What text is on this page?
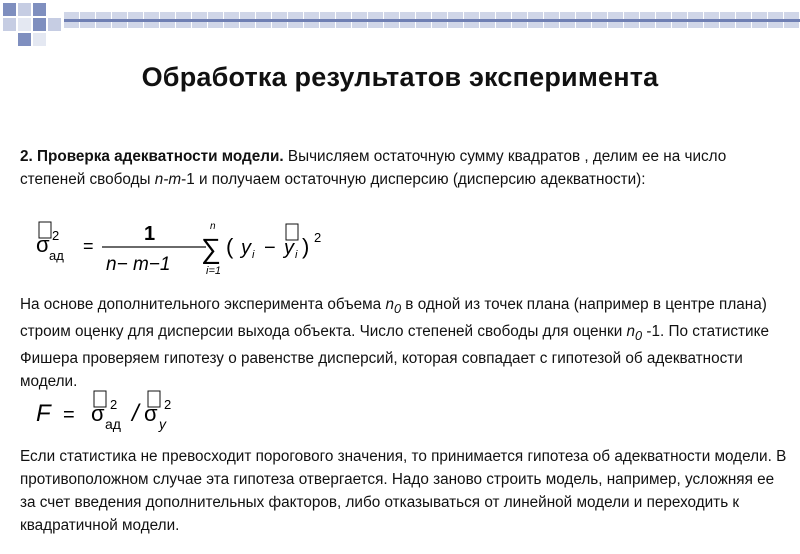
Обработка результатов эксперимента
2. Проверка адекватности модели. Вычисляем остаточную сумму квадратов , делим ее на число степеней свободы n-m-1 и получаем остаточную дисперсию (дисперсию адекватности):
σ 2
ад =
1
n− m−1
n
∑
i=1
( y i − y i ) 2
На основе дополнительного эксперимента объема $n_0$ в одной из точек плана (например в центре плана) строим оценку для дисперсии выхода объекта. Число степеней свободы для оценки $n_0$ -1. По статистике Фишера проверяем гипотезу о равенстве дисперсий, которая совпадает с гипотезой об адекватности модели.
F = σ 2
ад / σ 2
y
Если статистика не превосходит порогового значения, то принимается гипотеза об адекватности модели. В противоположном случае эта гипотеза отвергается. Надо заново строить модель, например, усложняя ее за счет введения дополнительных факторов, либо отказываться от линейной модели и переходить к квадратичной модели.
